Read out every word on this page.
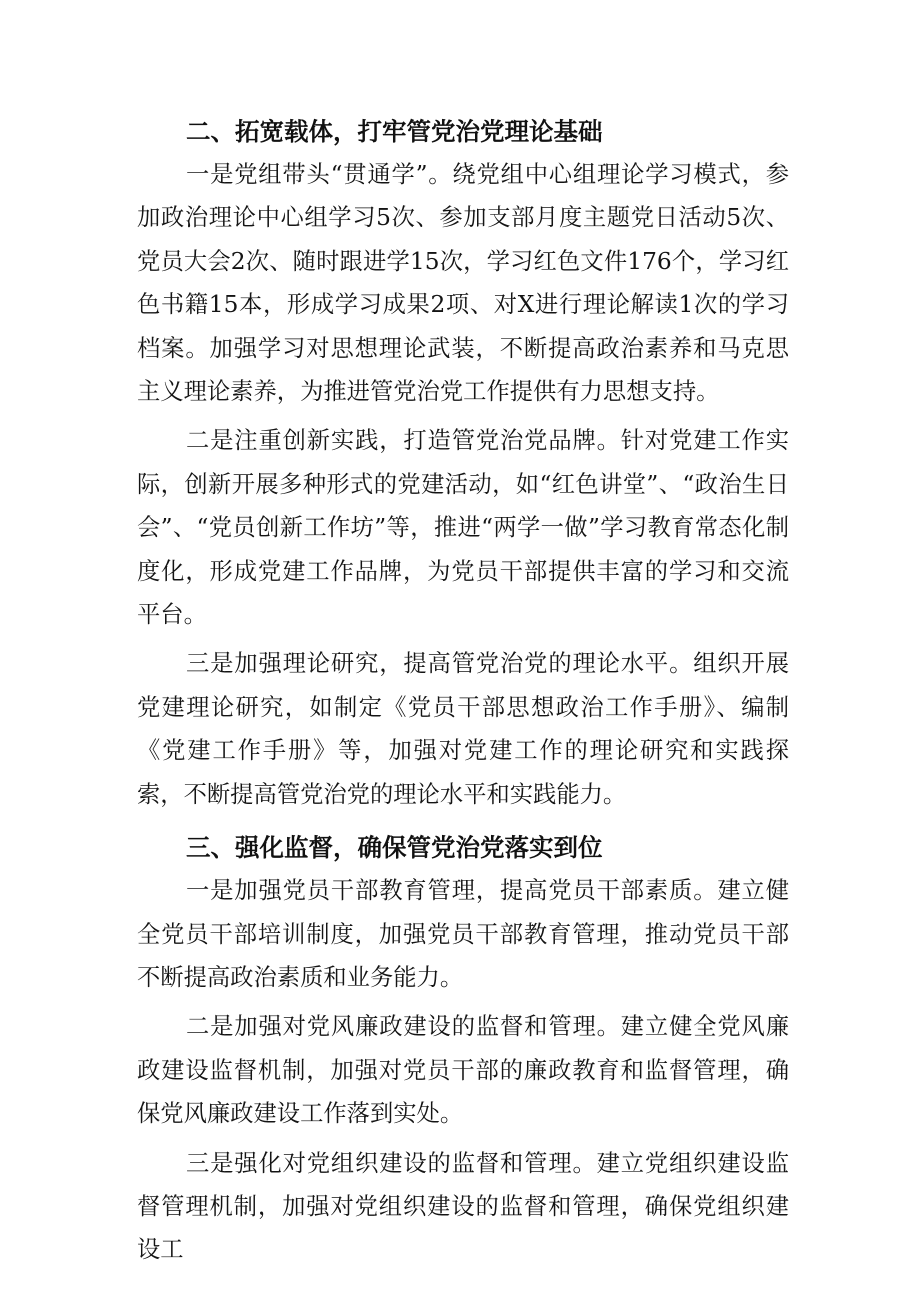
二、拓宽载体，打牢管党治党理论基础

一是党组带头“贯通学”。绕党组中心组理论学习模式，参加政治理论中心组学习5次、参加支部月度主题党日活动5次、党员大会2次、随时跟进学15次，学习红色文件176个，学习红色书籍15本，形成学习成果2项、对X进行理论解读1次的学习档案。加强学习对思想理论武装，不断提高政治素养和马克思主义理论素养，为推进管党治党工作提供有力思想支持。

二是注重创新实践，打造管党治党品牌。针对党建工作实际，创新开展多种形式的党建活动，如“红色讲堂”、“政治生日会”、“党员创新工作坊”等，推进“两学一做”学习教育常态化制度化，形成党建工作品牌，为党员干部提供丰富的学习和交流平台。

三是加强理论研究，提高管党治党的理论水平。组织开展党建理论研究，如制定《党员干部思想政治工作手册》、编制《党建工作手册》等，加强对党建工作的理论研究和实践探索，不断提高管党治党的理论水平和实践能力。

三、强化监督，确保管党治党落实到位

一是加强党员干部教育管理，提高党员干部素质。建立健全党员干部培训制度，加强党员干部教育管理，推动党员干部不断提高政治素质和业务能力。

二是加强对党风廉政建设的监督和管理。建立健全党风廉政建设监督机制，加强对党员干部的廉政教育和监督管理，确保党风廉政建设工作落到实处。

三是强化对党组织建设的监督和管理。建立党组织建设监督管理机制，加强对党组织建设的监督和管理，确保党组织建设工
